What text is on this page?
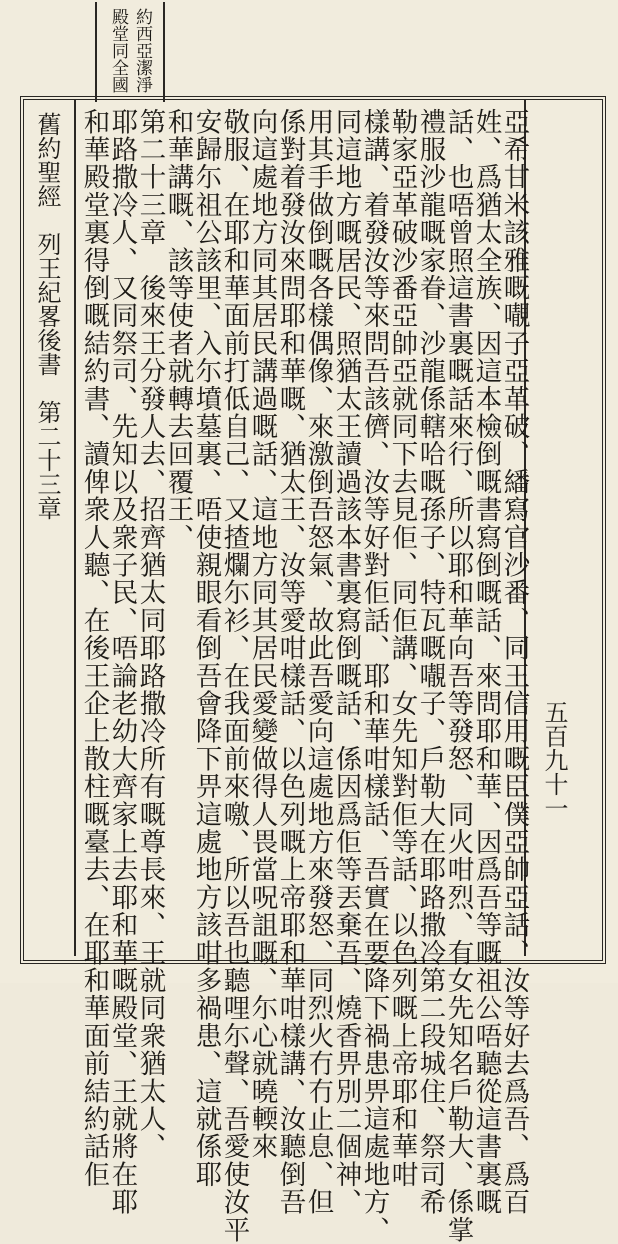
約西亞潔淨
殿堂同全國
舊約聖經　列王紀畧後書　第二十三章
五百九十一
亞希甘米該雅嘅𡃁子亞革破、繙寫官沙番、同王信用嘅臣僕亞帥亞話、汝等好去爲吾、爲百
姓、爲猶太全族、因這本檢倒嘅書寫倒嘅話、來問耶和華、因爲吾等嘅祖公唔聽從這書裏嘅
話、也唔曾照這書裏嘅話來行、所以耶和華向吾等發怒、同火咁烈、有女先知名戶勒大、係掌
禮服沙龍嘅家眷、沙龍係轄哈嘅孫子、特瓦嘅𡃁子、戶勒大在耶路撒冷第二段城住、祭司希
勒家亞革破沙番亞帥亞就同下去見佢、同佢講、女先知對佢等話、以色列嘅上帝耶和華咁
樣講、着發汝等來問吾該儕、汝等好對佢話、耶和華咁樣話、吾實在要降下禍患畀這處地方、
同這地方嘅居民、照猶太王讀過該本書裏寫倒嘅話、係因爲佢等丟棄吾、燒香畀別二個神、
用其手做倒嘅各樣偶像、來激倒吾怒氣、故此吾愛向這處地方來發怒、同烈火冇冇止息、但
係對着發汝來問耶和華嘅、猶太王、汝等愛咁樣話、以色列嘅上帝耶和華咁樣講、汝聽倒吾
向這處地方同其居民講過嘅話、這地方同其居民愛變做得人畏當呪詛嘅、尓心就曉輭來
敬服、在耶和華面前打低自己、又揸爛尓衫、在我面前來噭、所以吾也聽哩尓聲、吾愛使汝平
安歸尓祖公該里、入尓墳墓裏、唔使親眼看倒吾會降下畀這處地方該咁多禍患、這就係耶
和華講嘅、該等使者就轉去回覆王、
第二十三章　後來王分發人去、招齊猶太同耶路撒冷所有嘅尊長來、王就同衆猶太人、
耶路撒冷人、又同祭司、先知以及衆子民、唔論老幼大齊家上去耶和華嘅殿堂、王就將在耶
和華殿堂裏得倒嘅結約書、讀俾衆人聽、在後王企上散柱嘅臺去、在耶和華面前結約話佢
